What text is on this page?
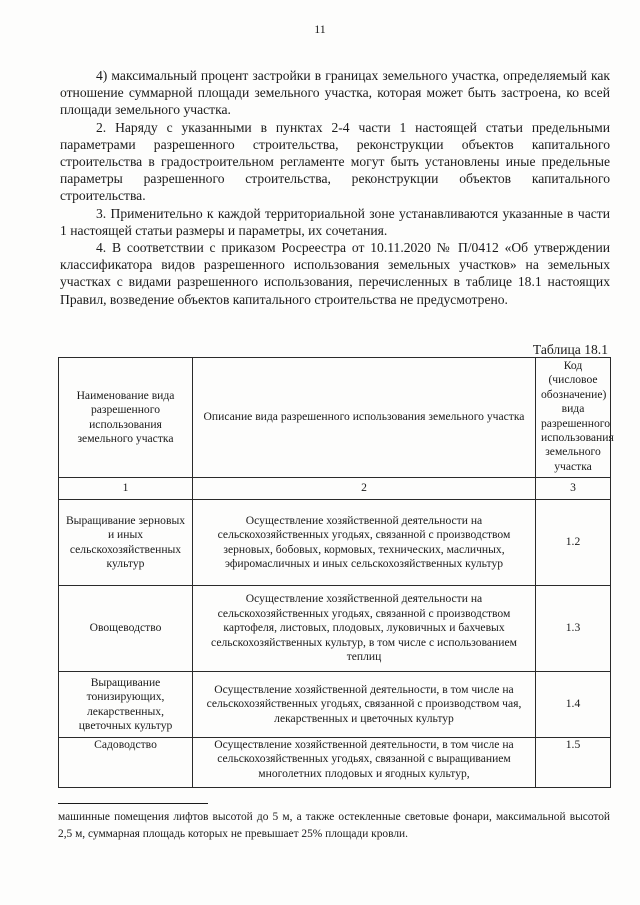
11

4) максимальный процент застройки в границах земельного участка, определяемый как отношение суммарной площади земельного участка, которая может быть застроена, ко всей площади земельного участка.

2. Наряду с указанными в пунктах 2-4 части 1 настоящей статьи предельными параметрами разрешенного строительства, реконструкции объектов капитального строительства в градостроительном регламенте могут быть установлены иные предельные параметры разрешенного строительства, реконструкции объектов капитального строительства.

3. Применительно к каждой территориальной зоне устанавливаются указанные в части 1 настоящей статьи размеры и параметры, их сочетания.

4. В соответствии с приказом Росреестра от 10.11.2020 № П/0412 «Об утверждении классификатора видов разрешенного использования земельных участков» на земельных участках с видами разрешенного использования, перечисленных в таблице 18.1 настоящих Правил, возведение объектов капитального строительства не предусмотрено.

Таблица 18.1
Наименование вида разрешенного использования земельного участка	Описание вида разрешенного использования земельного участка	Код (числовое обозначение) вида разрешенного использования земельного участка
1	2	3
Выращивание зерновых и иных сельскохозяйственных культур	Осуществление хозяйственной деятельности на сельскохозяйственных угодьях, связанной с производством зерновых, бобовых, кормовых, технических, масличных, эфиромасличных и иных сельскохозяйственных культур	1.2
Овощеводство	Осуществление хозяйственной деятельности на сельскохозяйственных угодьях, связанной с производством картофеля, листовых, плодовых, луковичных и бахчевых сельскохозяйственных культур, в том числе с использованием теплиц	1.3
Выращивание тонизирующих, лекарственных, цветочных культур	Осуществление хозяйственной деятельности, в том числе на сельскохозяйственных угодьях, связанной с производством чая, лекарственных и цветочных культур	1.4
Садоводство	Осуществление хозяйственной деятельности, в том числе на сельскохозяйственных угодьях, связанной с выращиванием многолетних плодовых и ягодных культур,	1.5
машинные помещения лифтов высотой до 5 м, а также остекленные световые фонари, максимальной высотой 2,5 м, суммарная площадь которых не превышает 25% площади кровли.
